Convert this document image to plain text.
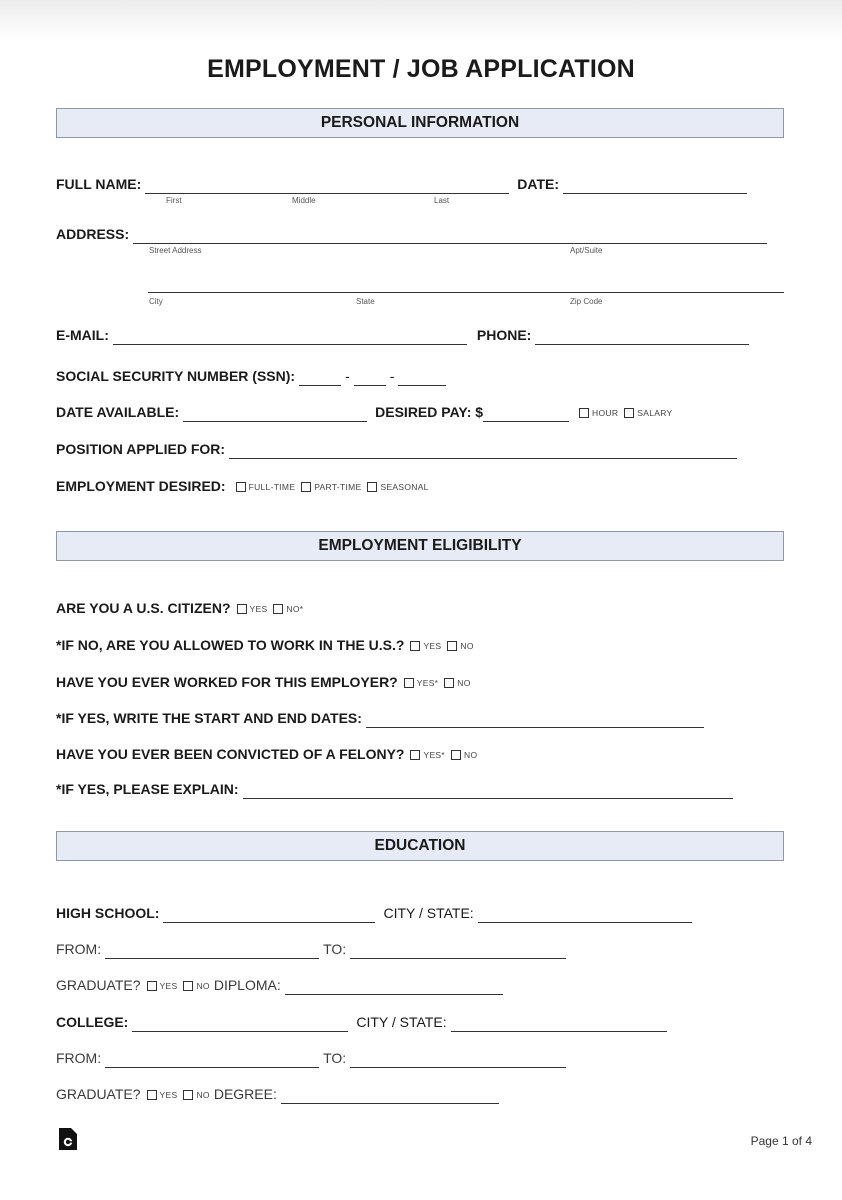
EMPLOYMENT / JOB APPLICATION
PERSONAL INFORMATION
FULL NAME:	DATE:
First	Middle	Last
ADDRESS:
Street Address	Apt/Suite
City	State	Zip Code
E-MAIL:	PHONE:
SOCIAL SECURITY NUMBER (SSN):	-	-
DATE AVAILABLE:	DESIRED PAY: $	HOUR SALARY
POSITION APPLIED FOR:
EMPLOYMENT DESIRED:	FULL-TIME PART-TIME SEASONAL
EMPLOYMENT ELIGIBILITY
ARE YOU A U.S. CITIZEN? YES NO*
*IF NO, ARE YOU ALLOWED TO WORK IN THE U.S.? YES NO
HAVE YOU EVER WORKED FOR THIS EMPLOYER? YES* NO
*IF YES, WRITE THE START AND END DATES:
HAVE YOU EVER BEEN CONVICTED OF A FELONY? YES* NO
*IF YES, PLEASE EXPLAIN:
EDUCATION
HIGH SCHOOL:	CITY / STATE:
FROM:	TO:
GRADUATE? YES NO DIPLOMA:
COLLEGE:	CITY / STATE:
FROM:	TO:
GRADUATE? YES NO DEGREE:
Page 1 of 4
